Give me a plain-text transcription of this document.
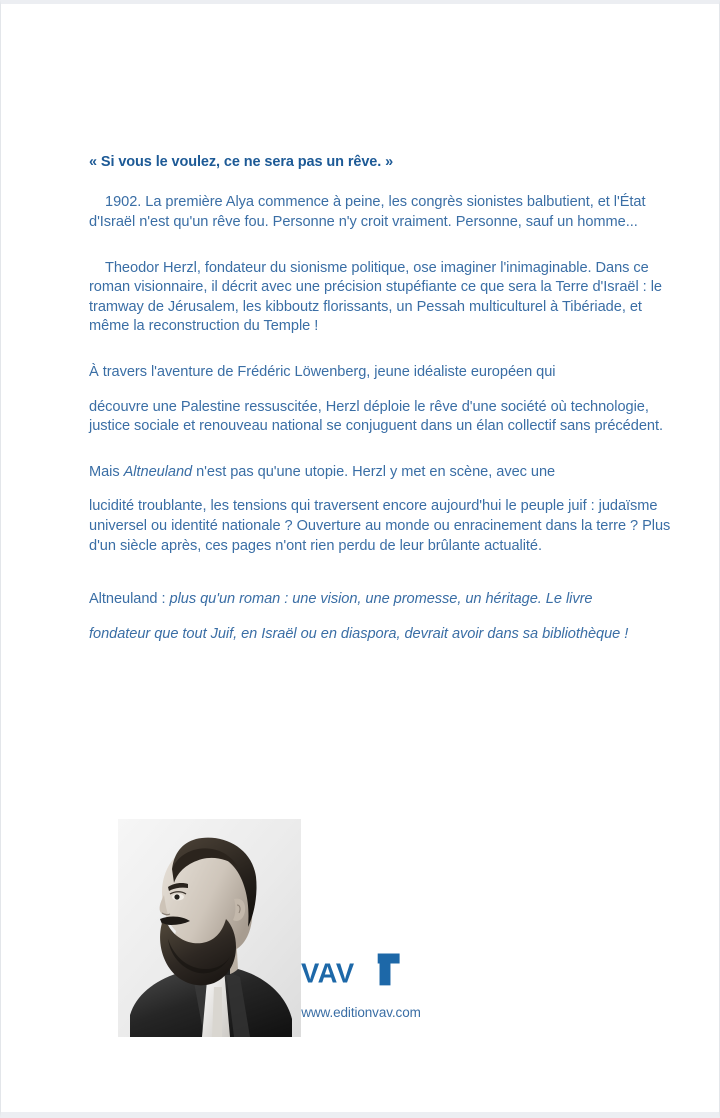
« Si vous le voulez, ce ne sera pas un rêve. »

1902. La première Alya commence à peine, les congrès sionistes balbutient, et l'État d'Israël n'est qu'un rêve fou. Personne n'y croit vraiment. Personne, sauf un homme...

Theodor Herzl, fondateur du sionisme politique, ose imaginer l'inimaginable. Dans ce roman visionnaire, il décrit avec une précision stupéfiante ce que sera la Terre d'Israël : le tramway de Jérusalem, les kibboutz florissants, un Pessah multiculturel à Tibériade, et même la reconstruction du Temple !

À travers l'aventure de Frédéric Löwenberg, jeune idéaliste européen qui

découvre une Palestine ressuscitée, Herzl déploie le rêve d'une société où technologie, justice sociale et renouveau national se conjuguent dans un élan collectif sans précédent.

Mais Altneuland n'est pas qu'une utopie. Herzl y met en scène, avec une

lucidité troublante, les tensions qui traversent encore aujourd'hui le peuple juif : judaïsme universel ou identité nationale ? Ouverture au monde ou enracinement dans la terre ? Plus d'un siècle après, ces pages n'ont rien perdu de leur brûlante actualité.

Altneuland : plus qu'un roman : une vision, une promesse, un héritage. Le livre

fondateur que tout Juif, en Israël ou en diaspora, devrait avoir dans sa bibliothèque !

VAV
www.editionvav.com
